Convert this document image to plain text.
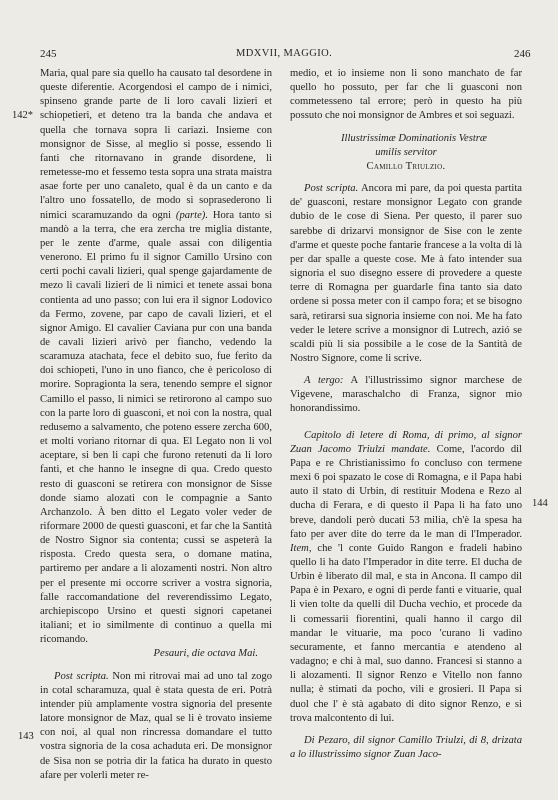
245	MDXVII, MAGGIO.	246
142*
143
144

Maria, qual pare sia quello ha causato tal desordene in queste diferentie. Acorgendosi el campo de i nimici, spinseno grande parte de li loro cavali lizieri et schiopetieri, et deteno tra la banda che andava et quella che tornava sopra li cariazi. Insieme con monsignor de Sisse, al meglio si posse, essendo li fanti che ritornavano in grande disordene, li remetesse-mo et fessemo testa sopra una strata maistra asae forte per uno canaleto, qual è da un canto e da l'altro uno fossatello, de modo si soprasederono li nimici scaramuzando da ogni (parte). Hora tanto si mandò a la terra, che era zercha tre miglia distante, per le zente d'arme, quale assai con diligentia venerono. El primo fu il signor Camillo Ursino con certi pochi cavali lizieri, qual spenge gajardamente de mezo li cavali lizieri de li nimici et tenete assai bona contienta ad uno passo; con lui era il signor Lodovico da Fermo, zovene, par capo de cavali lizieri, et el signor Amigo. El cavalier Caviana pur con una banda de cavali lizieri arivò per fiancho, vedendo la scaramuza atachata, fece el debito suo, fue ferito da doi schiopeti, l'uno in uno fianco, che è pericoloso di morire. Sopragionta la sera, tenendo sempre el signor Camillo el passo, li nimici se retirorono al campo suo con la parte loro di guasconi, et noi con la nostra, qual redusemo a salvamento, che poteno essere zercha 600, et molti voriano ritornar di qua. El Legato non li vol aceptare, si ben li capi che furono retenuti da li loro fanti, et che hanno le insegne di qua. Credo questo resto di guasconi se retirera con monsignor de Sisse donde siamo alozati con le compagnie a Santo Archanzolo. À ben ditto el Legato voler veder de riformare 2000 de questi guasconi, et far che la Santità de Nostro Signor sia contenta; cussì se aspeterà la risposta. Credo questa sera, o domane matina, partiremo per andare a li alozamenti nostri. Non altro per el presente mi occorre scriver a vostra signoria, falle raccomandatione del reverendissimo Legato, archiepiscopo Ursino et questi signori capetanei italiani; et io similmente di continuo a quella mi ricomando.

Pesauri, die octava Mai.

Post scripta. Non mi ritrovai mai ad uno tal zogo in cotal scharamuza, qual è stata questa de eri. Potrà intender più amplamente vostra signoria del presente latore monsignor de Maz, qual se li è trovato insieme con noi, al qual non rincressa domandare el tutto vostra signoria de la cosa achaduta eri. De monsignor de Sisa non se potria dir la fatica ha durato in questo afare per volerli meter re-

medio, et io insieme non li sono manchato de far quello ho possuto, per far che li guasconi non commetesseno tal errore; però in questo ha più possuto che noi monsignor de Ambres et soi seguazi.

Illustrissimæ Dominationis Vestræ

umilis servitor

Camillo Triulzio.

Post scripta. Ancora mi pare, da poi questa partita de' guasconi, restare monsignor Legato con grande dubio de le cose di Siena. Per questo, il parer suo sarebbe di drizarvi monsignor de Sise con le zente d'arme et queste poche fantarie francese a la volta di là per dar spalle a queste cose. Me à fato intender sua signoria el suo disegno essere di provedere a queste terre di Romagna per guardarle fina tanto sia dato ordene si possa meter con il campo fora; et se bisogno sarà, retirarsi sua signoria insieme con noi. Me ha fato veder le letere scrive a monsignor di Lutrech, azió se scaldi più li sia possibile a le cose de la Santità de Nostro Signore, come li scrive.

A tergo: A l'illustrissimo signor marchese de Vigevene, maraschalcho di Franza, signor mio honorandissimo.

Capitolo di letere di Roma, di primo, al signor Zuan Jacomo Triulzi mandate. Come, l'acordo dil Papa e re Christianissimo fo concluso con termene mexi 6 poi spazato le cose di Romagna, e il Papa habi auto il stato di Urbin, di restituir Modena e Rezo al ducha di Ferara, e di questo il Papa li ha fato uno breve, dandoli però ducati 53 milia, ch'è la spesa ha fato per aver dite do terre da le man di l'Imperador. Item, che 'l conte Guido Rangon e fradeli habino quello li ha dato l'Imperador in dite terre. El ducha de Urbin è liberato dil mal, e sta in Ancona. Il campo dil Papa è in Pexaro, e ogni dì perde fanti e vituarie, qual li vien tolte da quelli dil Ducha vechio, et procede da li comessarii fiorentini, quali hanno il cargo dil mandar le vituarie, ma poco 'curano li vadino securamente, et fanno mercantia e atendeno al vadagno; e chi à mal, suo danno. Francesi si stanno a li alozamenti. Il signor Renzo e Vitello non fanno nulla; è stimati da pocho, vili e grosieri. Il Papa si duol che l' è stà agabato di dito signor Renzo, e si trova malcontento di lui.

Di Pezaro, dil signor Camillo Triulzi, di 8, drizata a lo illustrissimo signor Zuan Jaco-
